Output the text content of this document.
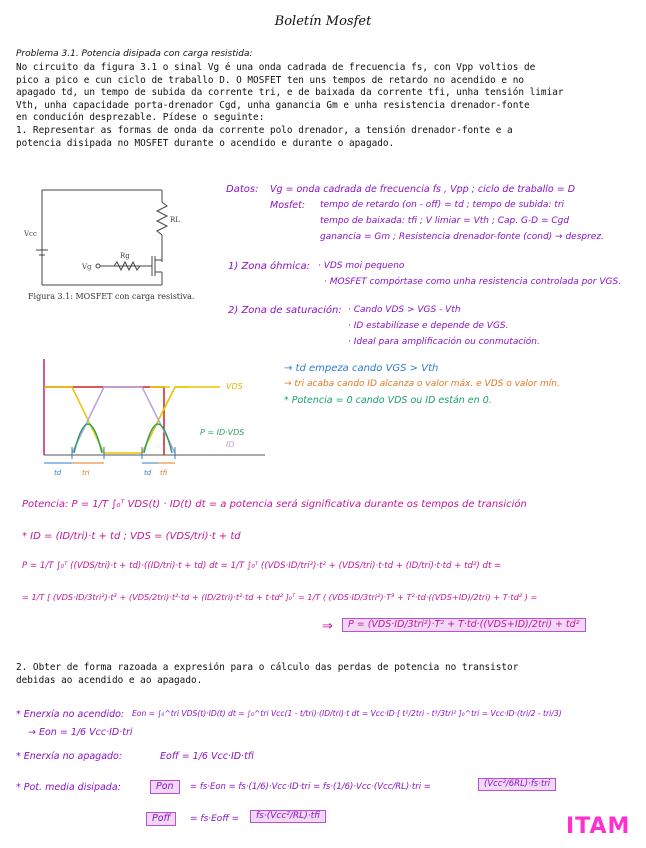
Boletín Mosfet
Problema 3.1. Potencia disipada con carga resistida:
No circuito da figura 3.1 o sinal Vg é una onda cadrada de frecuencia fs, con Vpp voltios de
pico a pico e cun ciclo de traballo D. O MOSFET ten uns tempos de retardo no acendido e no
apagado td, un tempo de subida da corrente tri, e de baixada da corrente tfi, unha tensión limiar
Vth, unha capacidade porta-drenador Cgd, unha ganancia Gm e unha resistencia drenador-fonte
en condución desprezable. Pídese o seguinte:
1. Representar as formas de onda da corrente polo drenador, a tensión drenador-fonte e a
potencia disipada no MOSFET durante o acendido e durante o apagado.
Vcc
RL
Rg
Vg
Figura 3.1: MOSFET con carga resistiva.
Datos: Vg = onda cadrada de frecuencia fs , Vpp ; ciclo de traballo = D
Mosfet: tempo de retardo (on - off) = td ; tempo de subida: tri
tempo de baixada: tfi ; V limiar = Vth ; Cap. G-D = Cgd
ganancia = Gm ; Resistencia drenador-fonte (cond) → desprez.
1) Zona óhmica: · VDS moi pequeno
· MOSFET compórtase como unha resistencia controlada por VGS.
2) Zona de saturación: · Cando VDS > VGS - Vth
· ID estabilízase e depende de VGS.
· Ideal para amplificación ou conmutación.
td	tri	td tfi
VDS
P = ID·VDS
ID
→ td empeza cando VGS > Vth
→ tri acaba cando ID alcanza o valor máx. e VDS o valor mín.
* Potencia = 0 cando VDS ou ID están en 0.
Potencia: P = 1/T ∫₀ᵀ VDS(t) · ID(t) dt = a potencia será significativa durante os tempos de transición
* ID = (ID/tri)·t + td ; VDS = (VDS/tri)·t + td
P = 1/T ∫₀ᵀ ((VDS/tri)·t + td)·((ID/tri)·t + td) dt = 1/T ∫₀ᵀ ((VDS·ID/tri²)·t² + (VDS/tri)·t·td + (ID/tri)·t·td + td²) dt =
= 1/T [ (VDS·ID/3tri²)·t³ + (VDS/2tri)·t²·td + (ID/2tri)·t²·td + t·td² ]₀ᵀ = 1/T ( (VDS·ID/3tri²)·T³ + T²·td·((VDS+ID)/2tri) + T·td² ) =
⇒	P = (VDS·ID/3tri²)·T² + T·td·((VDS+ID)/2tri) + td²
2. Obter de forma razoada a expresión para o cálculo das perdas de potencia no transistor
debidas ao acendido e ao apagado.
* Enerxía no acendido: Eon = ∫₀^tri VDS(t)·ID(t) dt = ∫₀^tri Vcc(1 - t/tri)·(ID/tri)·t dt = Vcc·ID·[ t²/2tri - t³/3tri² ]₀^tri = Vcc·ID·(tri/2 - tri/3)
→ Eon = 1/6 Vcc·ID·tri
* Enerxía no apagado:	Eoff = 1/6 Vcc·ID·tfi
* Pot. media disipada:	Pon	= fs·Eon = fs·(1/6)·Vcc·ID·tri = fs·(1/6)·Vcc·(Vcc/RL)·tri =	(Vcc²/6RL)·fs·tri
Poff	= fs·Eoff =	fs·(Vcc²/RL)·tfi	ITAM
